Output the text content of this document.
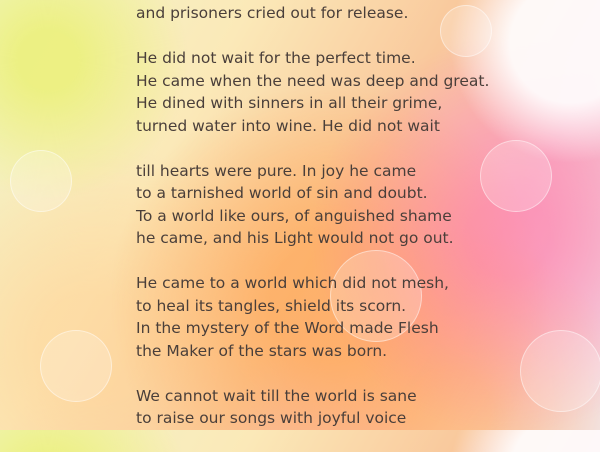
and prisoners cried out for release.

He did not wait for the perfect time.

He came when the need was deep and great.

He dined with sinners in all their grime,

turned water into wine. He did not wait

till hearts were pure. In joy he came

to a tarnished world of sin and doubt.

To a world like ours, of anguished shame

he came, and his Light would not go out.

He came to a world which did not mesh,

to heal its tangles, shield its scorn.

In the mystery of the Word made Flesh

the Maker of the stars was born.

We cannot wait till the world is sane

to raise our songs with joyful voice
